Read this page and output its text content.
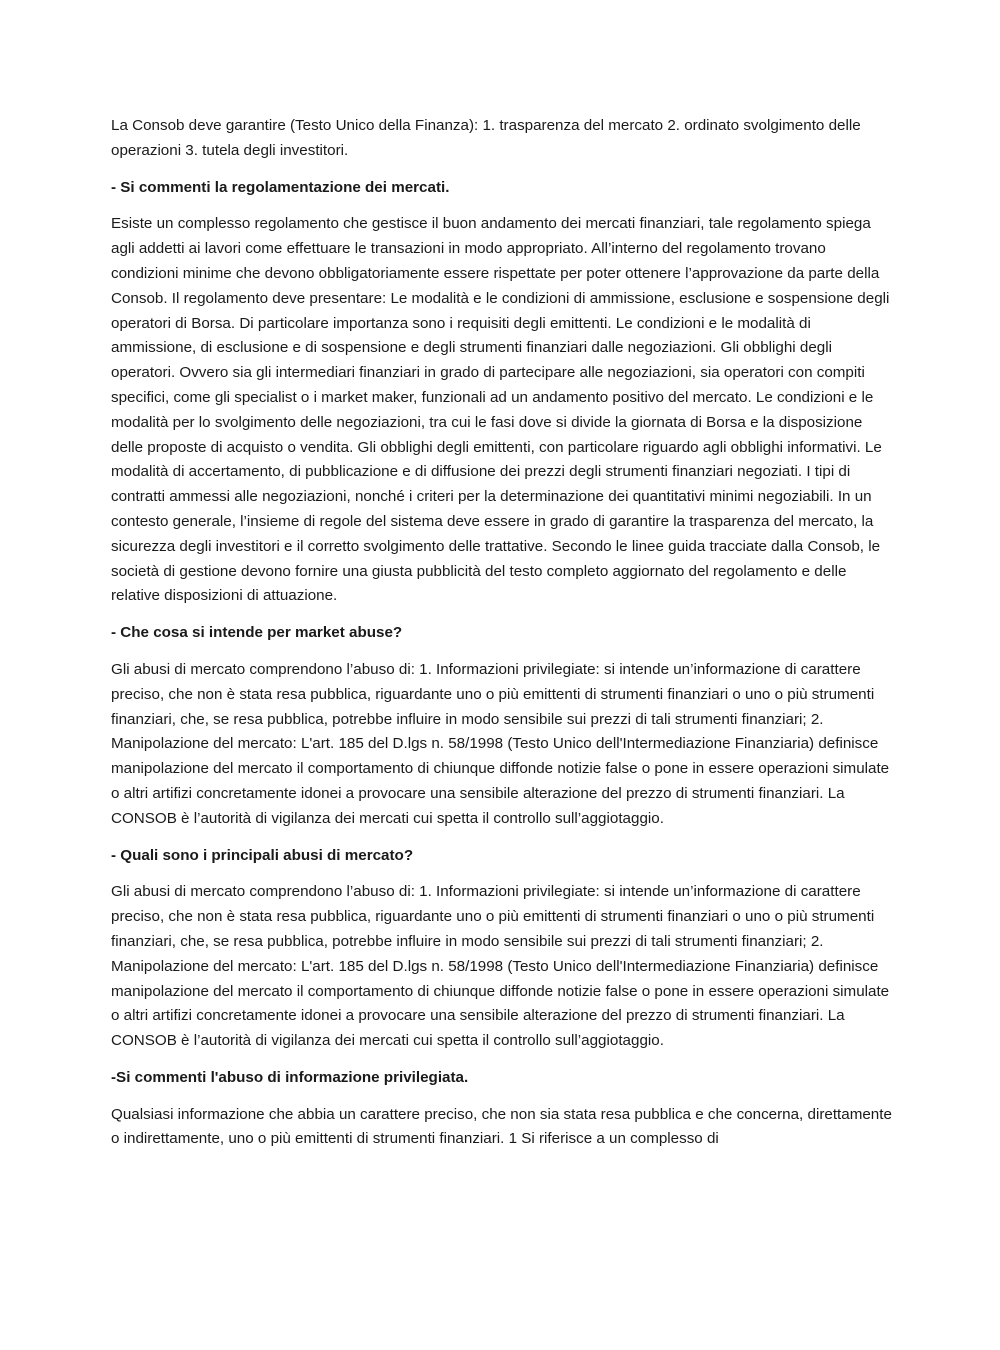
La Consob deve garantire (Testo Unico della Finanza): 1. trasparenza del mercato 2. ordinato svolgimento delle operazioni 3. tutela degli investitori.

- Si commenti la regolamentazione dei mercati.

Esiste un complesso regolamento che gestisce il buon andamento dei mercati finanziari, tale regolamento spiega agli addetti ai lavori come effettuare le transazioni in modo appropriato. All’interno del regolamento trovano condizioni minime che devono obbligatoriamente essere rispettate per poter ottenere l’approvazione da parte della Consob. Il regolamento deve presentare: Le modalità e le condizioni di ammissione, esclusione e sospensione degli operatori di Borsa. Di particolare importanza sono i requisiti degli emittenti. Le condizioni e le modalità di ammissione, di esclusione e di sospensione e degli strumenti finanziari dalle negoziazioni. Gli obblighi degli operatori. Ovvero sia gli intermediari finanziari in grado di partecipare alle negoziazioni, sia operatori con compiti specifici, come gli specialist o i market maker, funzionali ad un andamento positivo del mercato. Le condizioni e le modalità per lo svolgimento delle negoziazioni, tra cui le fasi dove si divide la giornata di Borsa e la disposizione delle proposte di acquisto o vendita. Gli obblighi degli emittenti, con particolare riguardo agli obblighi informativi. Le modalità di accertamento, di pubblicazione e di diffusione dei prezzi degli strumenti finanziari negoziati. I tipi di contratti ammessi alle negoziazioni, nonché i criteri per la determinazione dei quantitativi minimi negoziabili. In un contesto generale, l’insieme di regole del sistema deve essere in grado di garantire la trasparenza del mercato, la sicurezza degli investitori e il corretto svolgimento delle trattative. Secondo le linee guida tracciate dalla Consob, le società di gestione devono fornire una giusta pubblicità del testo completo aggiornato del regolamento e delle relative disposizioni di attuazione.

- Che cosa si intende per market abuse?

Gli abusi di mercato comprendono l’abuso di: 1. Informazioni privilegiate: si intende un’informazione di carattere preciso, che non è stata resa pubblica, riguardante uno o più emittenti di strumenti finanziari o uno o più strumenti finanziari, che, se resa pubblica, potrebbe influire in modo sensibile sui prezzi di tali strumenti finanziari; 2. Manipolazione del mercato: L'art. 185 del D.lgs n. 58/1998 (Testo Unico dell'Intermediazione Finanziaria) definisce manipolazione del mercato il comportamento di chiunque diffonde notizie false o pone in essere operazioni simulate o altri artifizi concretamente idonei a provocare una sensibile alterazione del prezzo di strumenti finanziari. La CONSOB è l’autorità di vigilanza dei mercati cui spetta il controllo sull’aggiotaggio.

- Quali sono i principali abusi di mercato?

Gli abusi di mercato comprendono l’abuso di: 1. Informazioni privilegiate: si intende un’informazione di carattere preciso, che non è stata resa pubblica, riguardante uno o più emittenti di strumenti finanziari o uno o più strumenti finanziari, che, se resa pubblica, potrebbe influire in modo sensibile sui prezzi di tali strumenti finanziari; 2. Manipolazione del mercato: L'art. 185 del D.lgs n. 58/1998 (Testo Unico dell'Intermediazione Finanziaria) definisce manipolazione del mercato il comportamento di chiunque diffonde notizie false o pone in essere operazioni simulate o altri artifizi concretamente idonei a provocare una sensibile alterazione del prezzo di strumenti finanziari. La CONSOB è l’autorità di vigilanza dei mercati cui spetta il controllo sull’aggiotaggio.

-Si commenti l'abuso di informazione privilegiata.

Qualsiasi informazione che abbia un carattere preciso, che non sia stata resa pubblica e che concerna, direttamente o indirettamente, uno o più emittenti di strumenti finanziari. 1 Si riferisce a un complesso di
